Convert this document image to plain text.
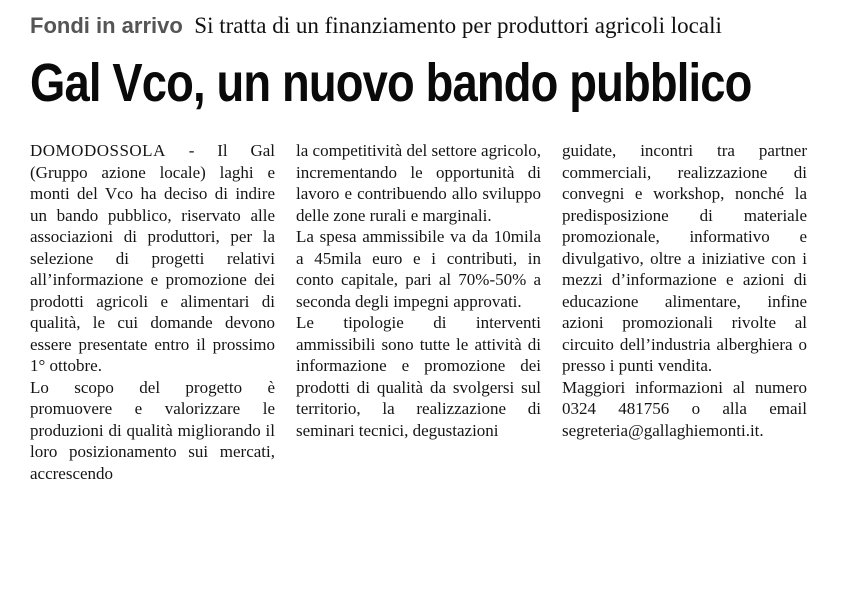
Fondi in arrivo Si tratta di un finanziamento per produttori agricoli locali
Gal Vco, un nuovo bando pubblico

DOMODOSSOLA - Il Gal (Gruppo azione locale) laghi e monti del Vco ha deciso di indire un bando pubblico, riservato alle associazioni di produttori, per la selezione di progetti relativi all’informazione e promozione dei prodotti agricoli e alimentari di qualità, le cui domande devono essere presentate entro il prossimo 1° ottobre.

Lo scopo del progetto è promuovere e valorizzare le produzioni di qualità migliorando il loro posizionamento sui mercati, accrescendo

la competitività del settore agricolo, incrementando le opportunità di lavoro e contribuendo allo sviluppo delle zone rurali e marginali.

La spesa ammissibile va da 10mila a 45mila euro e i contributi, in conto capitale, pari al 70%-50% a seconda degli impegni approvati.

Le tipologie di interventi ammissibili sono tutte le attività di informazione e promozione dei prodotti di qualità da svolgersi sul territorio, la realizzazione di seminari tecnici, degustazioni

guidate, incontri tra partner commerciali, realizzazione di convegni e workshop, nonché la predisposizione di materiale promozionale, informativo e divulgativo, oltre a iniziative con i mezzi d’informazione e azioni di educazione alimentare, infine azioni promozionali rivolte al circuito dell’industria alberghiera o presso i punti vendita.

Maggiori informazioni al numero 0324 481756 o alla email segreteria@gallaghiemonti.it.
